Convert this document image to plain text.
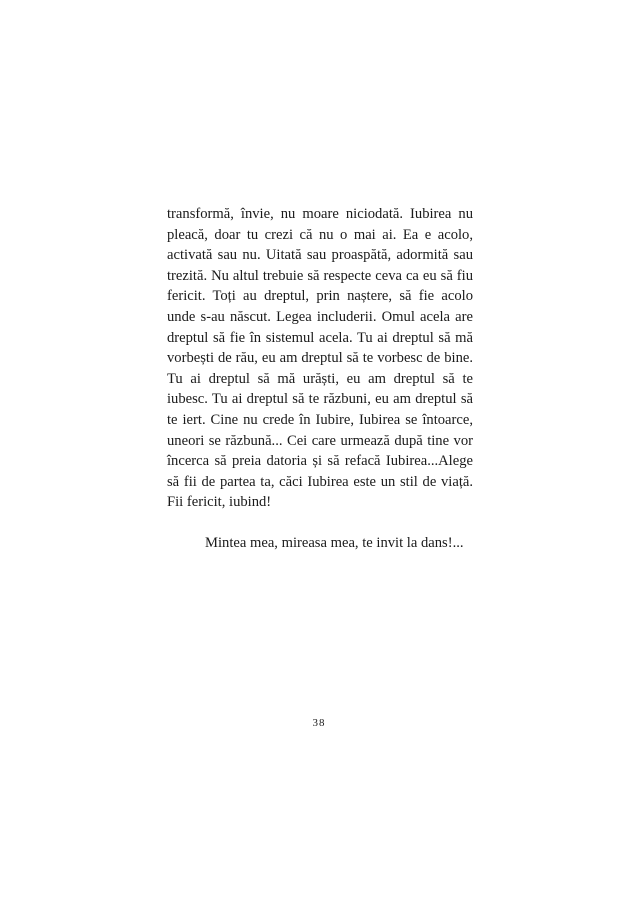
transformă, învie, nu moare niciodată. Iubirea nu pleacă, doar tu crezi că nu o mai ai. Ea e acolo, activată sau nu. Uitată sau proaspătă, adormită sau trezită. Nu altul trebuie să respecte ceva ca eu să fiu fericit. Toți au dreptul, prin naștere, să fie acolo unde s-au născut. Legea includerii. Omul acela are dreptul să fie în sistemul acela. Tu ai dreptul să mă vorbești de rău, eu am dreptul să te vorbesc de bine. Tu ai dreptul să mă urăști, eu am dreptul să te iubesc. Tu ai dreptul să te răzbuni, eu am dreptul să te iert. Cine nu crede în Iubire, Iubirea se întoarce, uneori se răzbună... Cei care urmează după tine vor încerca să preia datoria și să refacă Iubirea...Alege să fii de partea ta, căci Iubirea este un stil de viață. Fii fericit, iubind!

Mintea mea, mireasa mea, te invit la dans!...

38
